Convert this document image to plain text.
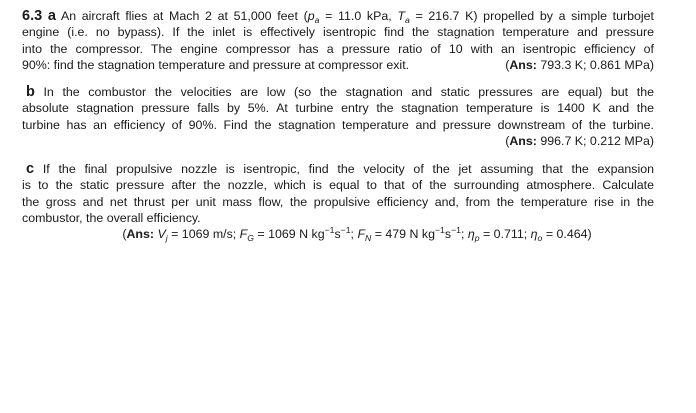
6.3 a An aircraft flies at Mach 2 at 51,000 feet ($p_a = 11.0$ kPa, $T_a = 216.7$ K) propelled by a simple turbojet
engine (i.e. no bypass). If the inlet is effectively isentropic find the stagnation temperature and pressure
into the compressor. The engine compressor has a pressure ratio of 10 with an isentropic efficiency of
90%: find the stagnation temperature and pressure at compressor exit.	(Ans: 793.3 K; 0.861 MPa)
b In the combustor the velocities are low (so the stagnation and static pressures are equal) but the
absolute stagnation pressure falls by 5%. At turbine entry the stagnation temperature is 1400 K and the
turbine has an efficiency of 90%. Find the stagnation temperature and pressure downstream of the turbine.
(Ans: 996.7 K; 0.212 MPa)

c If the final propulsive nozzle is isentropic, find the velocity of the jet assuming that the expansion
is to the static pressure after the nozzle, which is equal to that of the surrounding atmosphere. Calculate
the gross and net thrust per unit mass flow, the propulsive efficiency and, from the temperature rise in the
combustor, the overall efficiency.
(Ans: $V_j = 1069$ m/s; $F_G = 1069$ N $kg^{-1}s^{-1}$; $F_N = 479$ N $kg^{-1}s^{-1}$; $\eta_p = 0.711$; $\eta_o = 0.464$)
